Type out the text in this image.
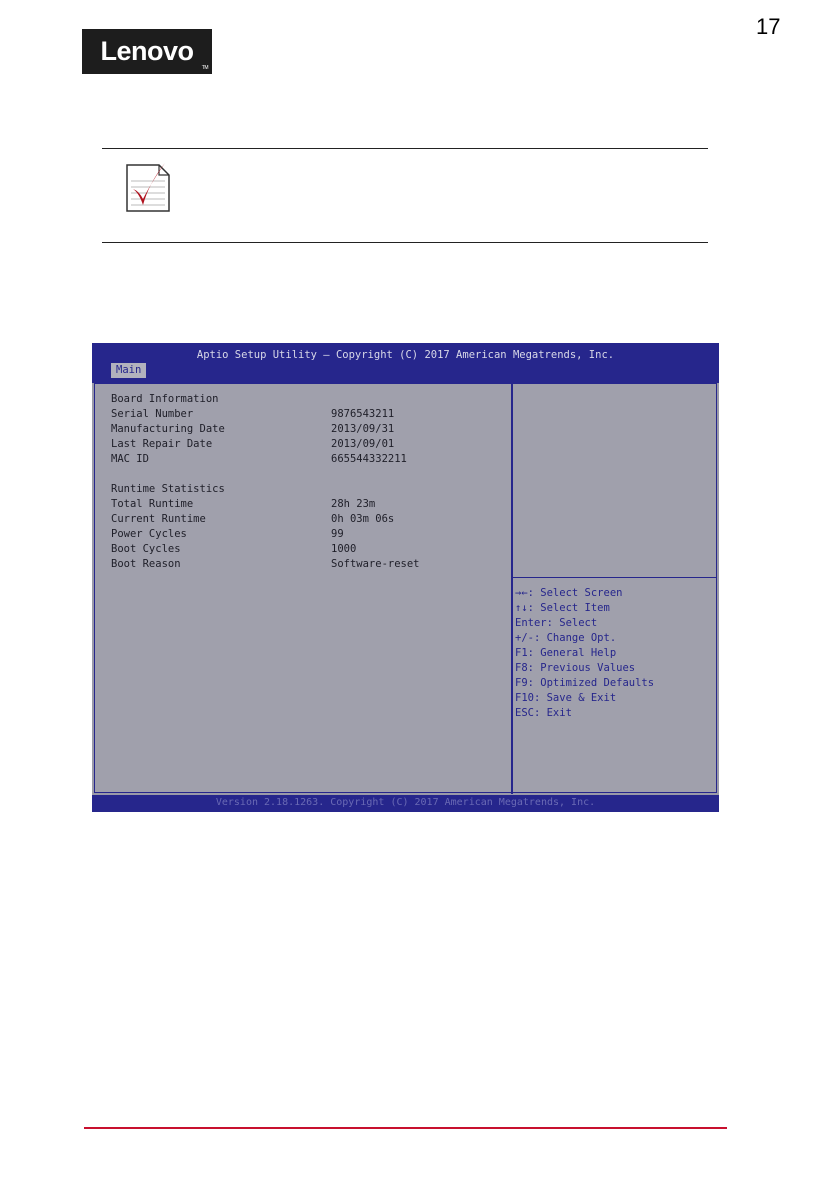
17
Lenovo
TM
Aptio Setup Utility – Copyright (C) 2017 American Megatrends, Inc.
Main

Board Information

Serial Number

	9876543211

Manufacturing Date

	2013/09/31

Last Repair Date

	2013/09/01

MAC ID

	665544332211

Runtime Statistics

Total Runtime

	28h 23m

Current Runtime

	0h 03m 06s

Power Cycles

	99

Boot Cycles

	1000

Boot Reason

	Software-reset

→←: Select Screen
↑↓: Select Item
Enter: Select
+/-: Change Opt.
F1: General Help
F8: Previous Values
F9: Optimized Defaults
F10: Save & Exit
ESC: Exit
Version 2.18.1263. Copyright (C) 2017 American Megatrends, Inc.
